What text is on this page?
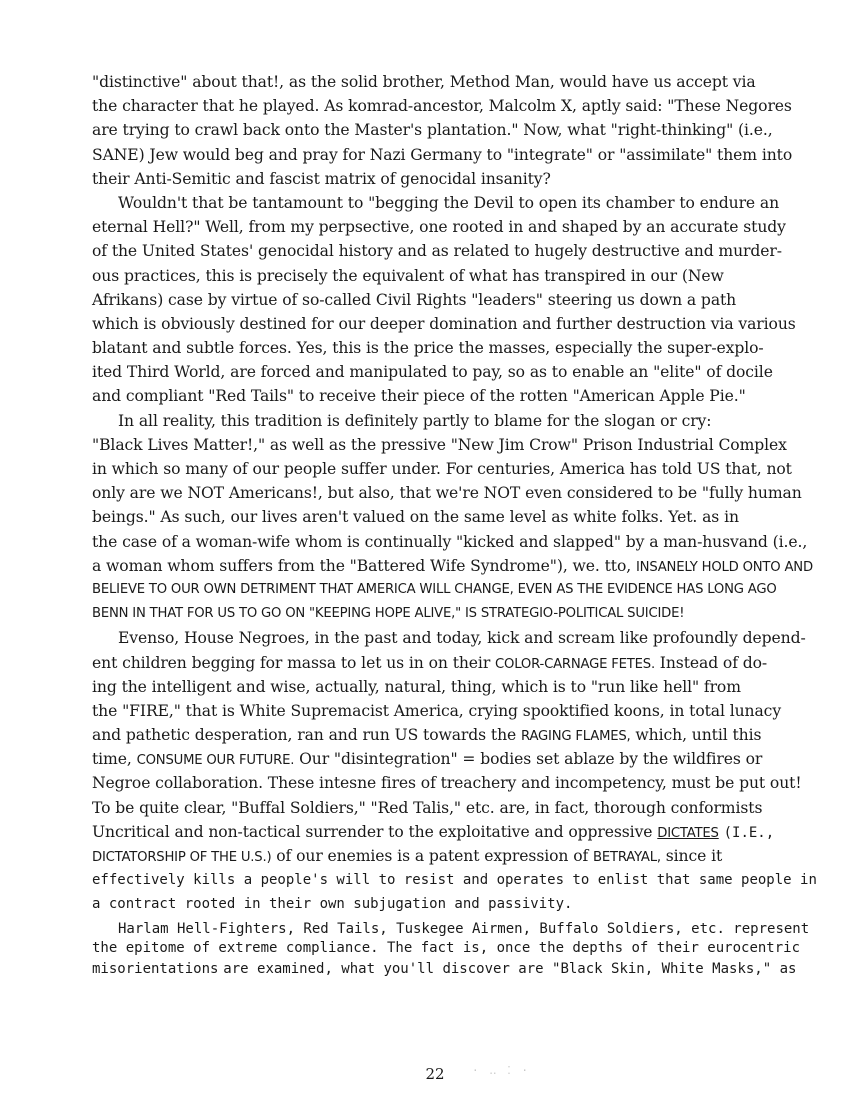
"distinctive" about that!, as the solid brother, Method Man, would have us accept via
the character that he played. As komrad-ancestor, Malcolm X, aptly said: "These Negores
are trying to crawl back onto the Master's plantation." Now, what "right-thinking" (i.e.,
SANE) Jew would beg and pray for Nazi Germany to "integrate" or "assimilate" them into
their Anti-Semitic and fascist matrix of genocidal insanity?
Wouldn't that be tantamount to "begging the Devil to open its chamber to endure an
eternal Hell?" Well, from my perpsective, one rooted in and shaped by an accurate study
of the United States' genocidal history and as related to hugely destructive and murder-
ous practices, this is precisely the equivalent of what has transpired in our (New
Afrikans) case by virtue of so-called Civil Rights "leaders" steering us down a path
which is obviously destined for our deeper domination and further destruction via various
blatant and subtle forces. Yes, this is the price the masses, especially the super-explo-
ited Third World, are forced and manipulated to pay, so as to enable an "elite" of docile
and compliant "Red Tails" to receive their piece of the rotten "American Apple Pie."
In all reality, this tradition is definitely partly to blame for the slogan or cry:
"Black Lives Matter!," as well as the pressive "New Jim Crow" Prison Industrial Complex
in which so many of our people suffer under. For centuries, America has told US that, not
only are we NOT Americans!, but also, that we're NOT even considered to be "fully human
beings." As such, our lives aren't valued on the same level as white folks. Yet. as in
the case of a woman-wife whom is continually "kicked and slapped" by a man-husvand (i.e.,
a woman whom suffers from the "Battered Wife Syndrome"), we. tto, INSANELY HOLD ONTO AND
BELIEVE TO OUR OWN DETRIMENT THAT AMERICA WILL CHANGE, EVEN AS THE EVIDENCE HAS LONG AGO
BENN IN THAT FOR US TO GO ON "KEEPING HOPE ALIVE," IS STRATEGIO-POLITICAL SUICIDE!
Evenso, House Negroes, in the past and today, kick and scream like profoundly depend-
ent children begging for massa to let us in on their COLOR-CARNAGE FETES. Instead of do-
ing the intelligent and wise, actually, natural, thing, which is to "run like hell" from
the "FIRE," that is White Supremacist America, crying spooktified koons, in total lunacy
and pathetic desperation, ran and run US towards the RAGING FLAMES, which, until this
time, CONSUME OUR FUTURE. Our "disintegration" = bodies set ablaze by the wildfires or
Negroe collaboration. These intesne fires of treachery and incompetency, must be put out!
To be quite clear, "Buffal Soldiers," "Red Talis," etc. are, in fact, thorough conformists
Uncritical and non-tactical surrender to the exploitative and oppressive DICTATES (I.E.,
DICTATORSHIP OF THE U.S.) of our enemies is a patent expression of BETRAYAL, since it
effectively kills a people's will to resist and operates to enlist that same people in
a contract rooted in their own subjugation and passivity.
Harlam Hell-Fighters, Red Tails, Tuskegee Airmen, Buffalo Soldiers, etc. represent
the epitome of extreme compliance. The fact is, once the depths of their eurocentric
misorientations are examined, what you'll discover are "Black Skin, White Masks," as
22	· ‥ ⁚ ·
